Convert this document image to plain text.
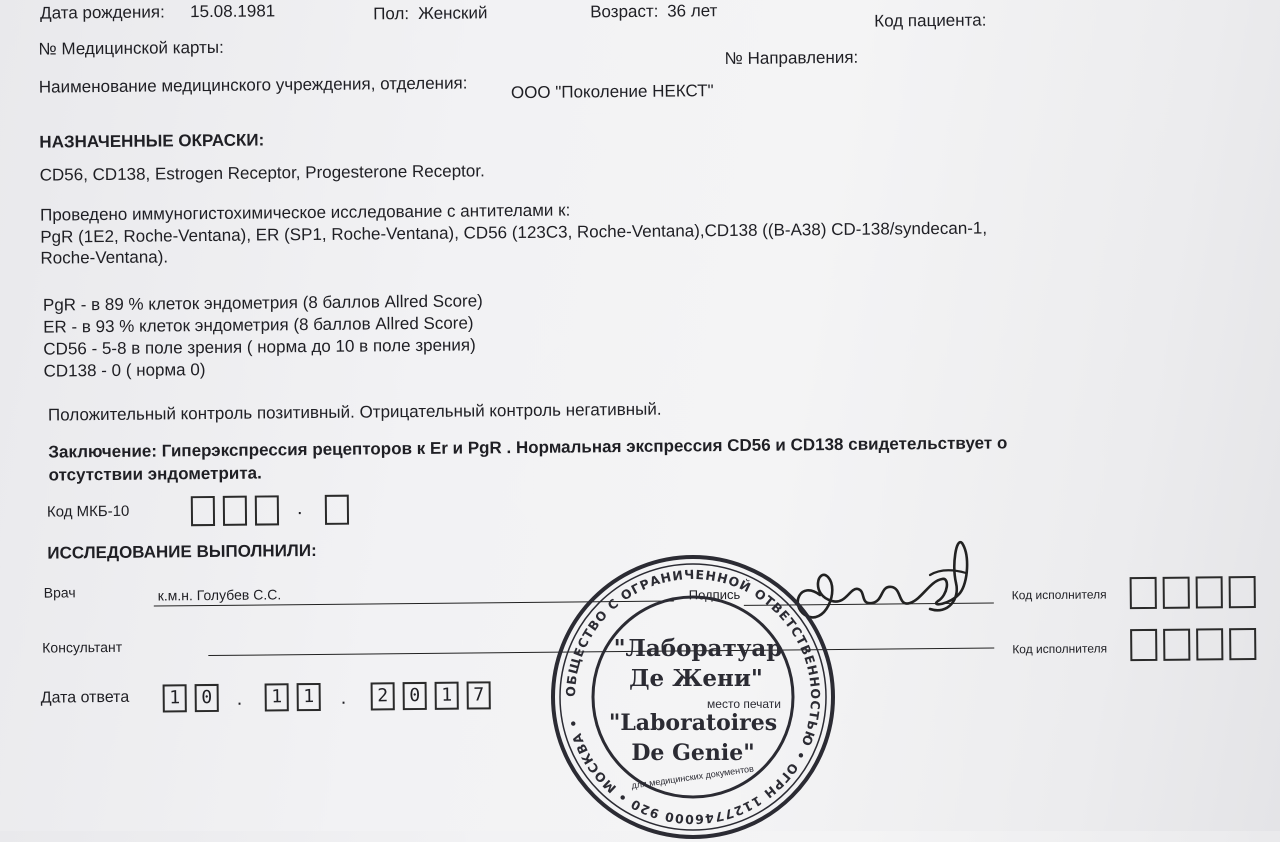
Дата рождения: 15.08.1981	Пол: Женский	Возраст: 36 лет	Код пациента:
№ Медицинской карты:	№ Направления:
Наименование медицинского учреждения, отделения:	ООО "Поколение НЕКСТ"
НАЗНАЧЕННЫЕ ОКРАСКИ:
CD56, CD138, Estrogen Receptor, Progesterone Receptor.
Проведено иммуногистохимическое исследование с антителами к:
PgR (1E2, Roche-Ventana), ER (SP1, Roche-Ventana), CD56 (123C3, Roche-Ventana),CD138 ((B-A38) CD-138/syndecan-1,
Roche-Ventana).
PgR - в 89 % клеток эндометрия (8 баллов Allred Score)
ER - в 93 % клеток эндометрия (8 баллов Allred Score)
CD56 - 5-8 в поле зрения ( норма до 10 в поле зрения)
CD138 - 0 ( норма 0)
Положительный контроль позитивный. Отрицательный контроль негативный.
Заключение: Гиперэкспрессия рецепторов к Er и PgR . Нормальная экспрессия CD56 и CD138 свидетельствует о
отсутствии эндометрита.
Код МКБ-10	.
ИССЛЕДОВАНИЕ ВЫПОЛНИЛИ:
Врач	к.м.н. Голубев С.С.	Подпись	Код исполнителя
Консультант	Код исполнителя
Дата ответа	1	0	.	1	1	.	2	0	1	7	ОБЩЕСТВО С ОГРАНИЧЕННОЙ ОТВЕТСТВЕННОСТЬЮ • ОГРН 1127746000 920 • МОСКВА •
"Лаборатуар
Де Жени"
место печати
"Laboratoires
De Genie"
для медицинских документов
